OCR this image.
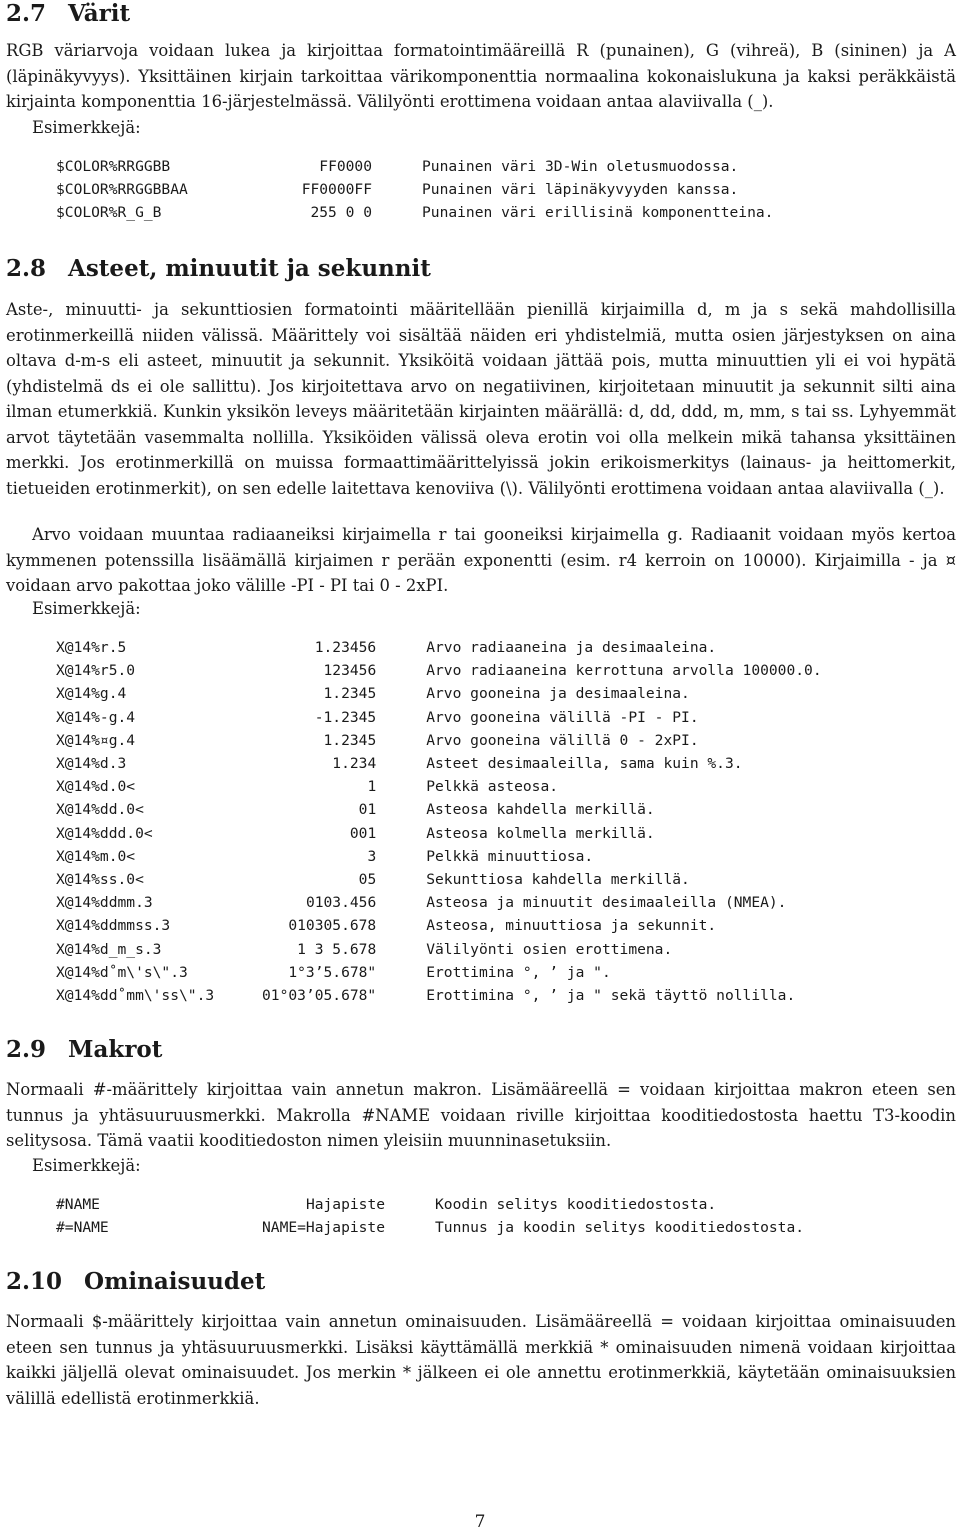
2.7 Värit

RGB väriarvoja voidaan lukea ja kirjoittaa formatointimääreillä R (punainen), G (vihreä), B (sininen) ja A (läpinäkyvyys). Yksittäinen kirjain tarkoittaa värikomponenttia normaalina kokonaislukuna ja kaksi peräkkäistä kirjainta komponenttia 16-järjestelmässä. Välilyönti erottimena voidaan antaa alaviivalla (_).

Esimerkkejä:

$COLOR%RRGGBB	FF0000		Punainen väri 3D-Win oletusmuodossa.
$COLOR%RRGGBBAA	FF0000FF		Punainen väri läpinäkyvyyden kanssa.
$COLOR%R_G_B	255 0 0		Punainen väri erillisinä komponentteina.
2.8 Asteet, minuutit ja sekunnit

Aste-, minuutti- ja sekunttiosien formatointi määritellään pienillä kirjaimilla d, m ja s sekä mahdollisilla erotinmerkeillä niiden välissä. Määrittely voi sisältää näiden eri yhdistelmiä, mutta osien järjestyksen on aina oltava d-m-s eli asteet, minuutit ja sekunnit. Yksiköitä voidaan jättää pois, mutta minuuttien yli ei voi hypätä (yhdistelmä ds ei ole sallittu). Jos kirjoitettava arvo on negatiivinen, kirjoitetaan minuutit ja sekunnit silti aina ilman etumerkkiä. Kunkin yksikön leveys määritetään kirjainten määrällä: d, dd, ddd, m, mm, s tai ss. Lyhyemmät arvot täytetään vasemmalta nollilla. Yksiköiden välissä oleva erotin voi olla melkein mikä tahansa yksittäinen merkki. Jos erotinmerkillä on muissa formaattimäärittelyissä jokin erikoismerkitys (lainaus- ja heittomerkit, tietueiden erotinmerkit), on sen edelle laitettava kenoviiva (\). Välilyönti erottimena voidaan antaa alaviivalla (_).

Arvo voidaan muuntaa radiaaneiksi kirjaimella r tai gooneiksi kirjaimella g. Radiaanit voidaan myös kertoa kymmenen potenssilla lisäämällä kirjaimen r perään exponentti (esim. r4 kerroin on 10000). Kirjaimilla - ja ¤ voidaan arvo pakottaa joko välille -PI - PI tai 0 - 2xPI.

Esimerkkejä:

X@14%r.5	1.23456		Arvo radiaaneina ja desimaaleina.
X@14%r5.0	123456		Arvo radiaaneina kerrottuna arvolla 100000.0.
X@14%g.4	1.2345		Arvo gooneina ja desimaaleina.
X@14%-g.4	-1.2345		Arvo gooneina välillä -PI - PI.
X@14%¤g.4	1.2345		Arvo gooneina välillä 0 - 2xPI.
X@14%d.3	1.234		Asteet desimaaleilla, sama kuin %.3.
X@14%d.0<	1		Pelkkä asteosa.
X@14%dd.0<	01		Asteosa kahdella merkillä.
X@14%ddd.0<	001		Asteosa kolmella merkillä.
X@14%m.0<	3		Pelkkä minuuttiosa.
X@14%ss.0<	05		Sekunttiosa kahdella merkillä.
X@14%ddmm.3	0103.456		Asteosa ja minuutit desimaaleilla (NMEA).
X@14%ddmmss.3	010305.678		Asteosa, minuuttiosa ja sekunnit.
X@14%d_m_s.3	1 3 5.678		Välilyönti osien erottimena.
X@14%d˚m\'s\".3	1°3’5.678"		Erottimina °, ’ ja ".
X@14%dd˚mm\'ss\".3	01°03’05.678"		Erottimina °, ’ ja " sekä täyttö nollilla.
2.9 Makrot

Normaali #-määrittely kirjoittaa vain annetun makron. Lisämääreellä = voidaan kirjoittaa makron eteen sen tunnus ja yhtäsuuruusmerkki. Makrolla #NAME voidaan riville kirjoittaa kooditiedostosta haettu T3-koodin selitysosa. Tämä vaatii kooditiedoston nimen yleisiin muunninasetuksiin.

Esimerkkejä:

#NAME	Hajapiste		Koodin selitys kooditiedostosta.
#=NAME	NAME=Hajapiste		Tunnus ja koodin selitys kooditiedostosta.
2.10 Ominaisuudet

Normaali $-määrittely kirjoittaa vain annetun ominaisuuden. Lisämääreellä = voidaan kirjoittaa ominaisuuden eteen sen tunnus ja yhtäsuuruusmerkki. Lisäksi käyttämällä merkkiä * ominaisuuden nimenä voidaan kirjoittaa kaikki jäljellä olevat ominaisuudet. Jos merkin * jälkeen ei ole annettu erotinmerkkiä, käytetään ominaisuuksien välillä edellistä erotinmerkkiä.

7
